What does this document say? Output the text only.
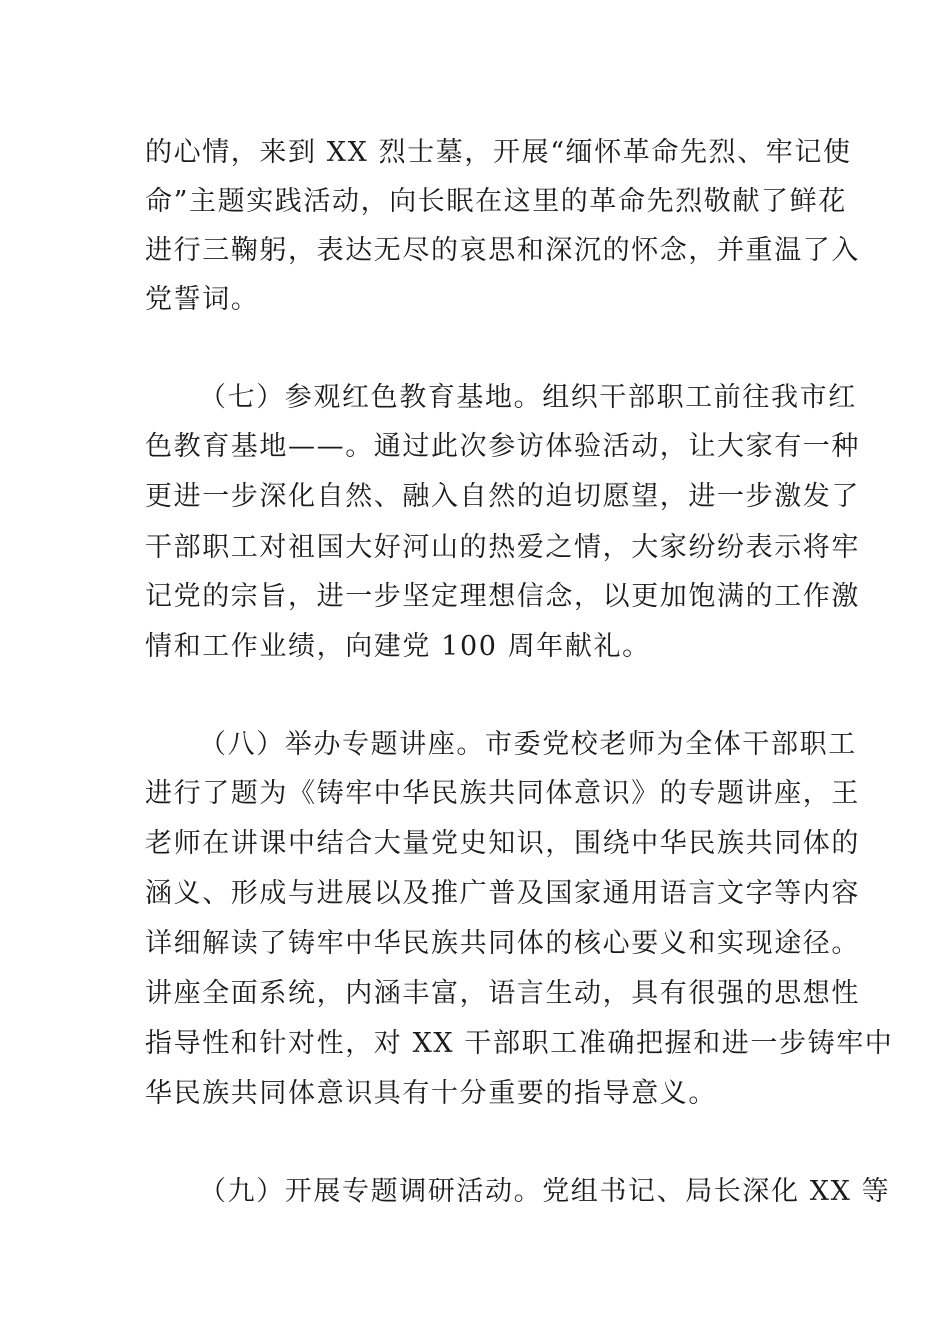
的心情，来到 XX 烈士墓，开展“缅怀革命先烈、牢记使
命”主题实践活动，向长眠在这里的革命先烈敬献了鲜花
进行三鞠躬，表达无尽的哀思和深沉的怀念，并重温了入
党誓词。
（七）参观红色教育基地。组织干部职工前往我市红
色教育基地——。通过此次参访体验活动，让大家有一种
更进一步深化自然、融入自然的迫切愿望，进一步激发了
干部职工对祖国大好河山的热爱之情，大家纷纷表示将牢
记党的宗旨，进一步坚定理想信念，以更加饱满的工作激
情和工作业绩，向建党 100 周年献礼。
（八）举办专题讲座。市委党校老师为全体干部职工
进行了题为《铸牢中华民族共同体意识》的专题讲座，王
老师在讲课中结合大量党史知识，围绕中华民族共同体的
涵义、形成与进展以及推广普及国家通用语言文字等内容
详细解读了铸牢中华民族共同体的核心要义和实现途径。
讲座全面系统，内涵丰富，语言生动，具有很强的思想性
指导性和针对性，对 XX 干部职工准确把握和进一步铸牢中
华民族共同体意识具有十分重要的指导意义。
（九）开展专题调研活动。党组书记、局长深化 XX 等
